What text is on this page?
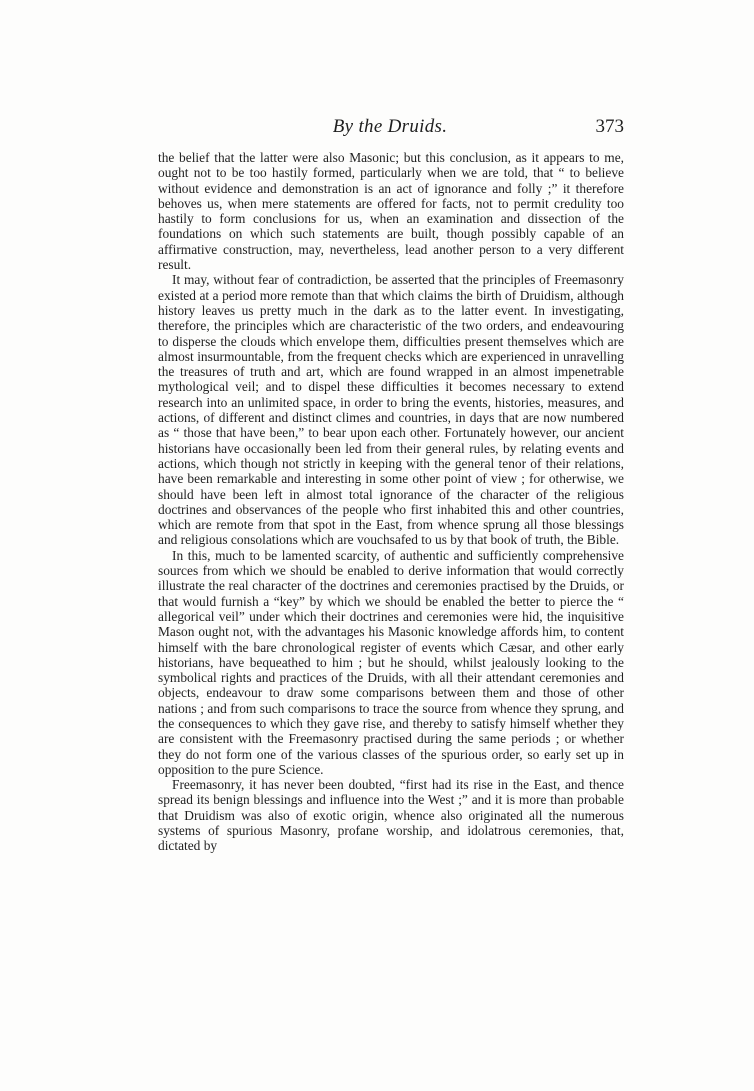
By the Druids.	373

the belief that the latter were also Masonic; but this conclusion, as it appears to me, ought not to be too hastily formed, particularly when we are told, that “ to believe without evidence and demonstration is an act of ignorance and folly ;” it therefore behoves us, when mere statements are offered for facts, not to permit credulity too hastily to form conclusions for us, when an examination and dissection of the foundations on which such statements are built, though possibly capable of an affirmative construction, may, nevertheless, lead another person to a very different result.

It may, without fear of contradiction, be asserted that the principles of Freemasonry existed at a period more remote than that which claims the birth of Druidism, although history leaves us pretty much in the dark as to the latter event. In investigating, therefore, the principles which are characteristic of the two orders, and endeavouring to disperse the clouds which envelope them, difficulties present themselves which are almost insurmountable, from the frequent checks which are experienced in unravelling the treasures of truth and art, which are found wrapped in an almost impenetrable mythological veil; and to dispel these difficulties it becomes necessary to extend research into an unlimited space, in order to bring the events, histories, measures, and actions, of different and distinct climes and countries, in days that are now numbered as “ those that have been,” to bear upon each other. Fortunately however, our ancient historians have occasionally been led from their general rules, by relating events and actions, which though not strictly in keeping with the general tenor of their relations, have been remarkable and interesting in some other point of view ; for otherwise, we should have been left in almost total ignorance of the character of the religious doctrines and observances of the people who first inhabited this and other countries, which are remote from that spot in the East, from whence sprung all those blessings and religious consolations which are vouchsafed to us by that book of truth, the Bible.

In this, much to be lamented scarcity, of authentic and sufficiently comprehensive sources from which we should be enabled to derive information that would correctly illustrate the real character of the doctrines and ceremonies practised by the Druids, or that would furnish a “key” by which we should be enabled the better to pierce the “ allegorical veil” under which their doctrines and ceremonies were hid, the inquisitive Mason ought not, with the advantages his Masonic knowledge affords him, to content himself with the bare chronological register of events which Cæsar, and other early historians, have bequeathed to him ; but he should, whilst jealously looking to the symbolical rights and practices of the Druids, with all their attendant ceremonies and objects, endeavour to draw some comparisons between them and those of other nations ; and from such comparisons to trace the source from whence they sprung, and the consequences to which they gave rise, and thereby to satisfy himself whether they are consistent with the Freemasonry practised during the same periods ; or whether they do not form one of the various classes of the spurious order, so early set up in opposition to the pure Science.

Freemasonry, it has never been doubted, “first had its rise in the East, and thence spread its benign blessings and influence into the West ;” and it is more than probable that Druidism was also of exotic origin, whence also originated all the numerous systems of spurious Masonry, profane worship, and idolatrous ceremonies, that, dictated by
